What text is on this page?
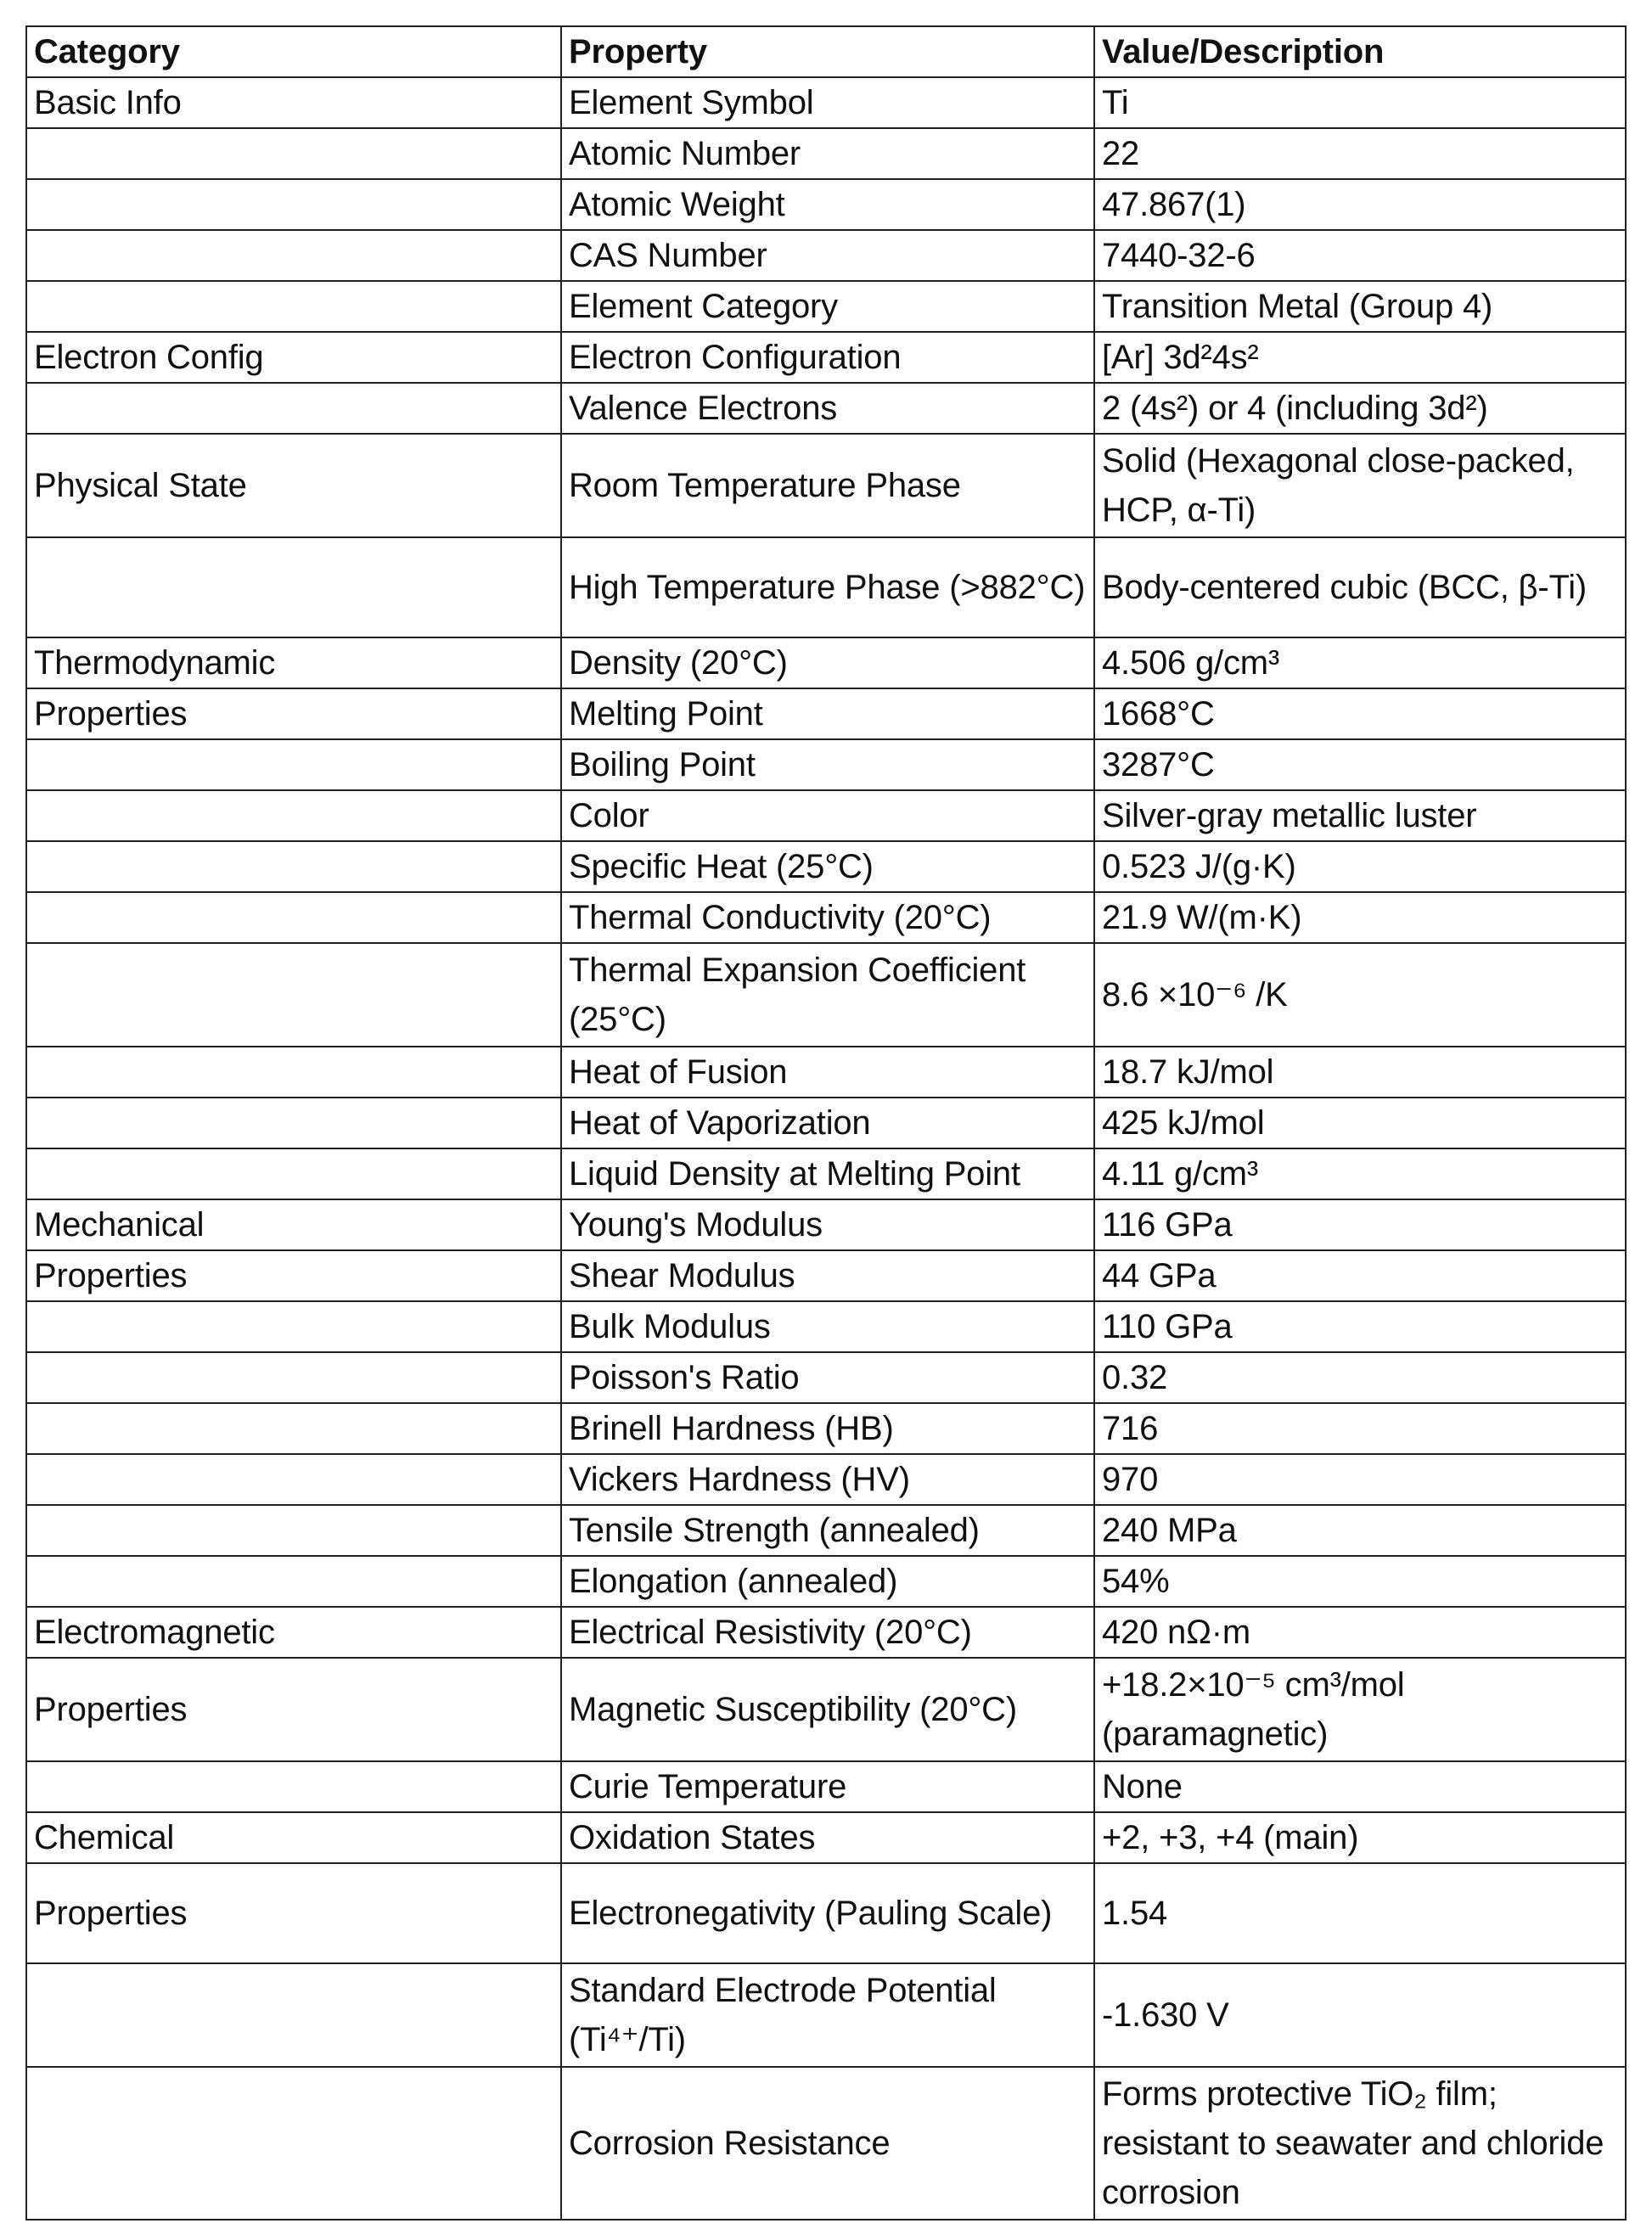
Category	Property	Value/Description
Basic Info	Element Symbol	Ti
	Atomic Number	22
	Atomic Weight	47.867(1)
	CAS Number	7440-32-6
	Element Category	Transition Metal (Group 4)
Electron Config	Electron Configuration	[Ar] 3d²4s²
	Valence Electrons	2 (4s²) or 4 (including 3d²)
Physical State	Room Temperature Phase	Solid (Hexagonal close-packed, HCP, α-Ti)
	High Temperature Phase (>882°C)	Body-centered cubic (BCC, β-Ti)
Thermodynamic	Density (20°C)	4.506 g/cm³
Properties	Melting Point	1668°C
	Boiling Point	3287°C
	Color	Silver-gray metallic luster
	Specific Heat (25°C)	0.523 J/(g·K)
	Thermal Conductivity (20°C)	21.9 W/(m·K)
	Thermal Expansion Coefficient (25°C)	8.6 ×10⁻⁶ /K
	Heat of Fusion	18.7 kJ/mol
	Heat of Vaporization	425 kJ/mol
	Liquid Density at Melting Point	4.11 g/cm³
Mechanical	Young's Modulus	116 GPa
Properties	Shear Modulus	44 GPa
	Bulk Modulus	110 GPa
	Poisson's Ratio	0.32
	Brinell Hardness (HB)	716
	Vickers Hardness (HV)	970
	Tensile Strength (annealed)	240 MPa
	Elongation (annealed)	54%
Electromagnetic	Electrical Resistivity (20°C)	420 nΩ·m
Properties	Magnetic Susceptibility (20°C)	+18.2×10⁻⁵ cm³/mol (paramagnetic)
	Curie Temperature	None
Chemical	Oxidation States	+2, +3, +4 (main)
Properties	Electronegativity (Pauling Scale)	1.54
	Standard Electrode Potential (Ti⁴⁺/Ti)	-1.630 V
	Corrosion Resistance	Forms protective TiO₂ film; resistant to seawater and chloride corrosion
